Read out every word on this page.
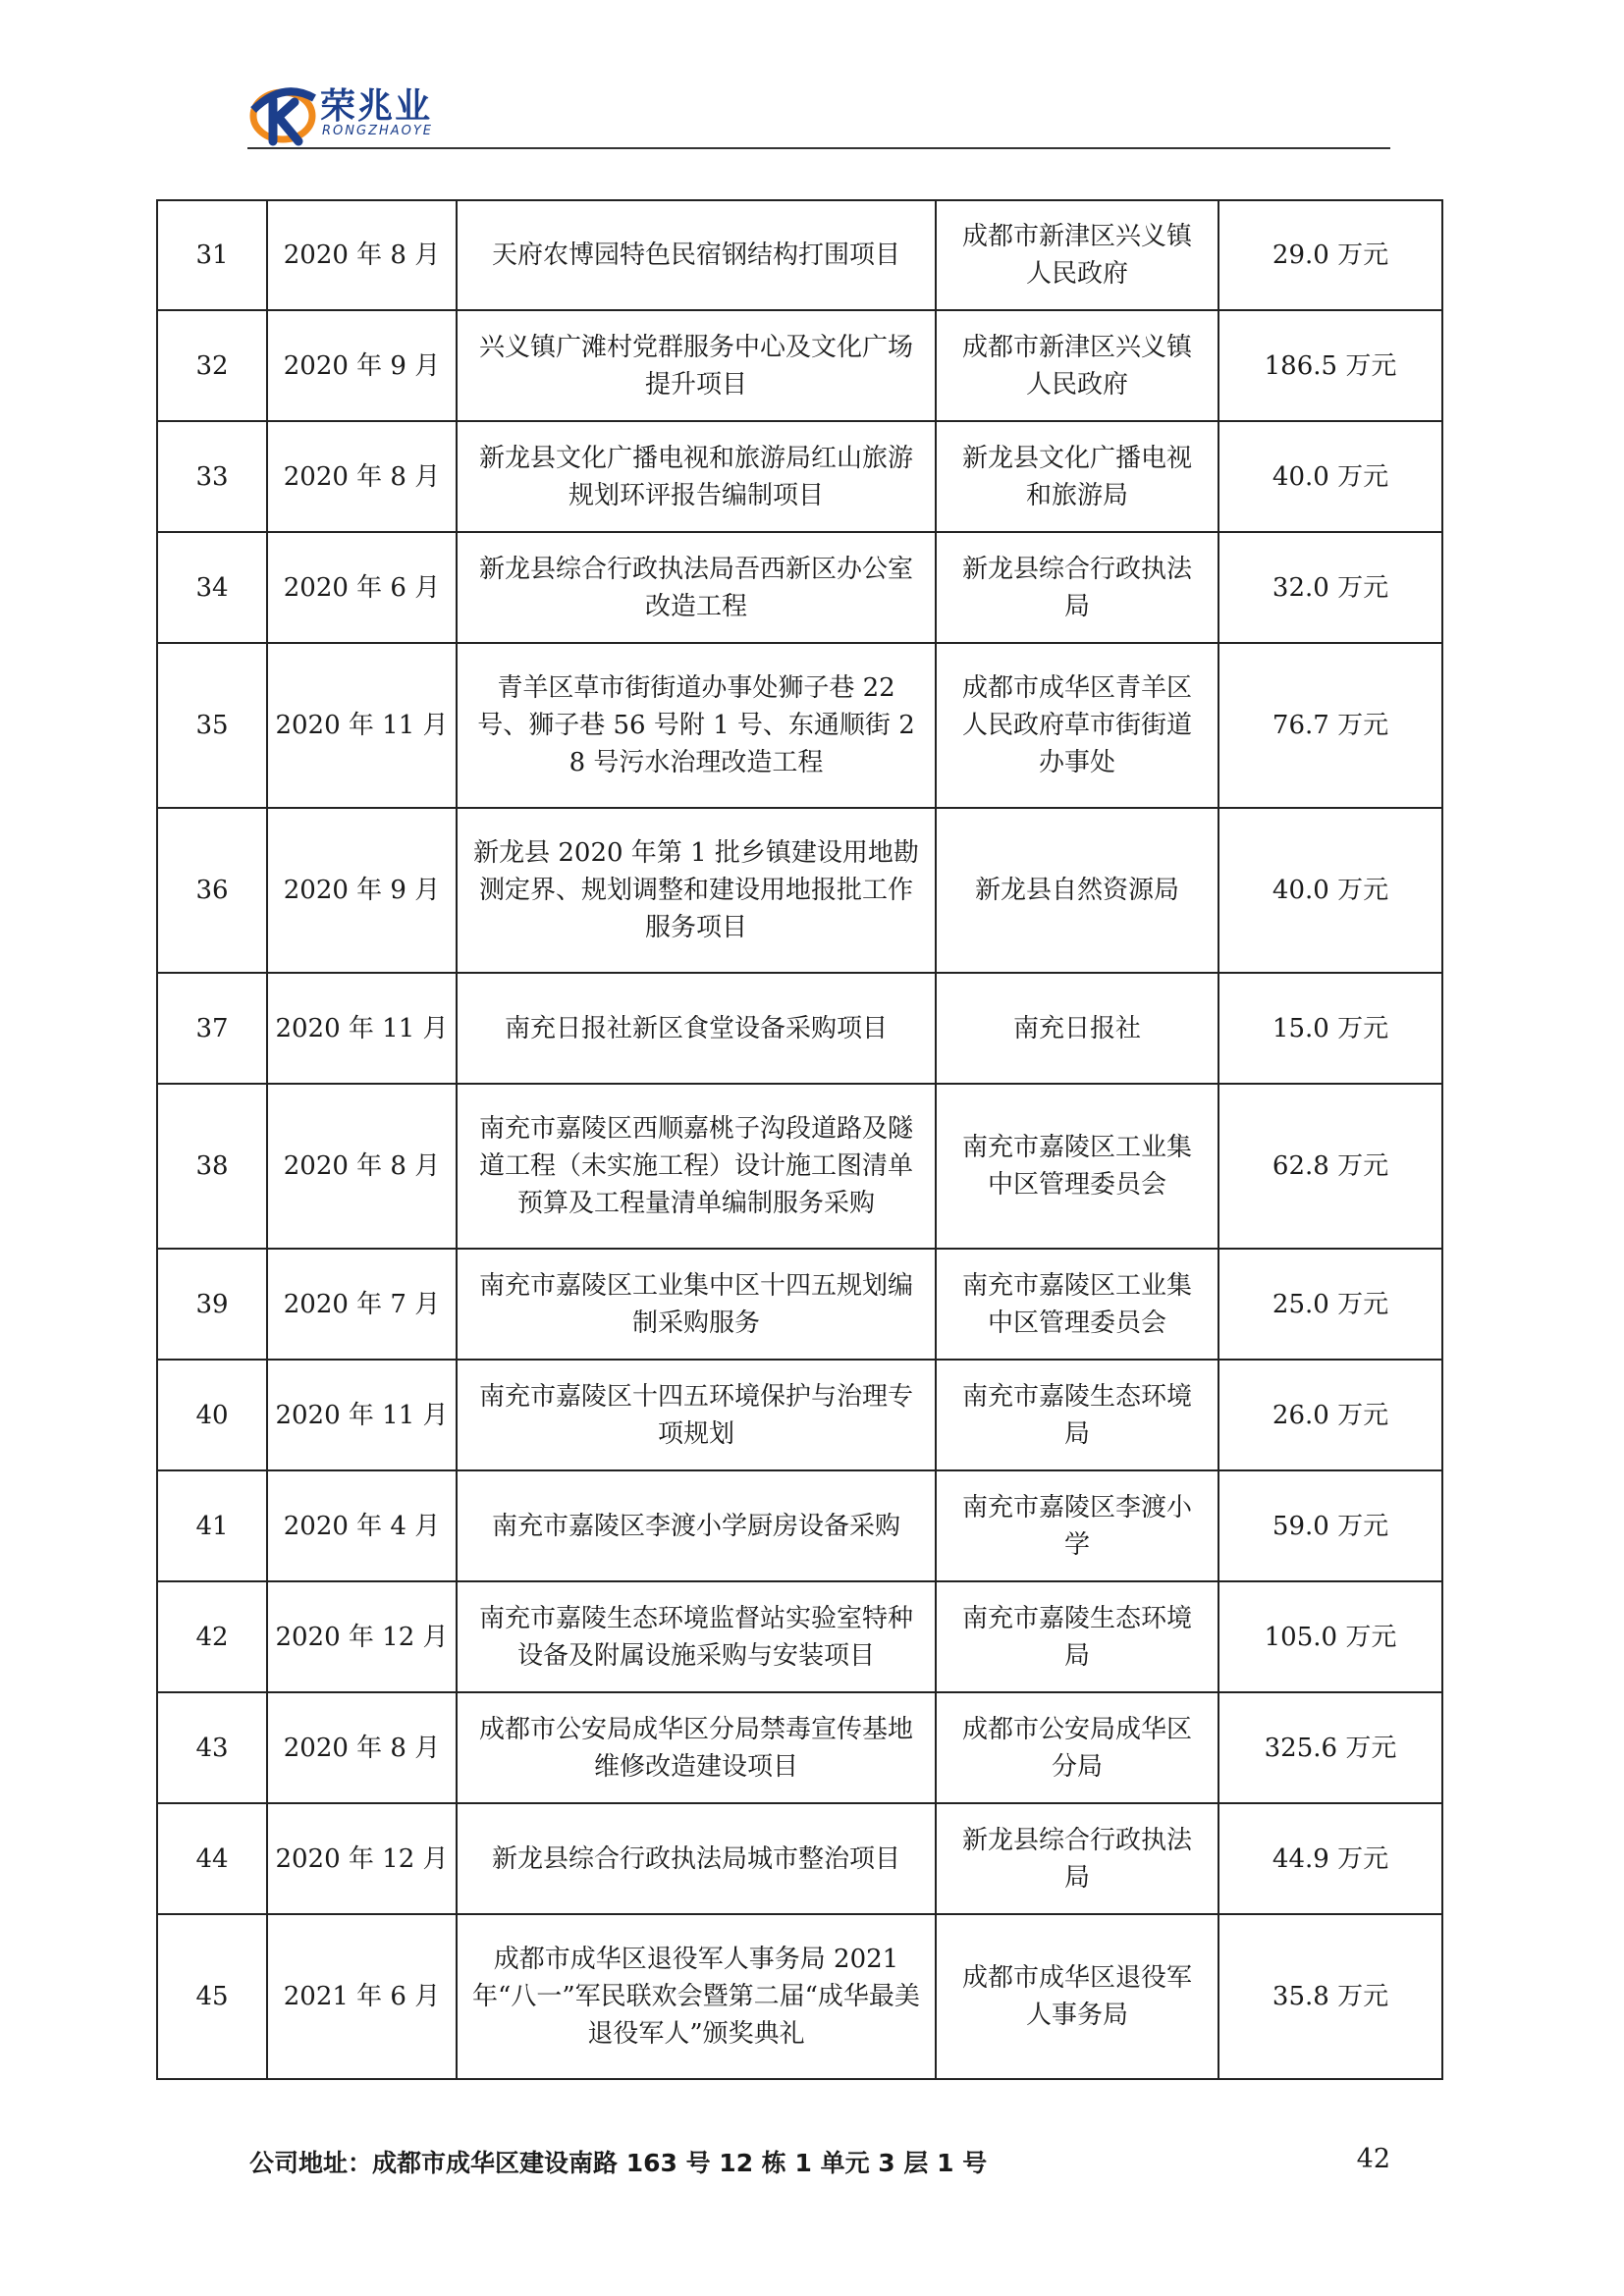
荣兆业
RONGZHAOYE
31	2020 年 8 月	天府农博园特色民宿钢结构打围项目	成都市新津区兴义镇人民政府	29.0 万元
32	2020 年 9 月	兴义镇广滩村党群服务中心及文化广场提升项目	成都市新津区兴义镇人民政府	186.5 万元
33	2020 年 8 月	新龙县文化广播电视和旅游局红山旅游规划环评报告编制项目	新龙县文化广播电视和旅游局	40.0 万元
34	2020 年 6 月	新龙县综合行政执法局吾西新区办公室改造工程	新龙县综合行政执法局	32.0 万元
35	2020 年 11 月	青羊区草市街街道办事处狮子巷 22 号、狮子巷 56 号附 1 号、东通顺街 28 号污水治理改造工程	成都市成华区青羊区人民政府草市街街道办事处	76.7 万元
36	2020 年 9 月	新龙县 2020 年第 1 批乡镇建设用地勘测定界、规划调整和建设用地报批工作服务项目	新龙县自然资源局	40.0 万元
37	2020 年 11 月	南充日报社新区食堂设备采购项目	南充日报社	15.0 万元
38	2020 年 8 月	南充市嘉陵区西顺嘉桃子沟段道路及隧道工程（未实施工程）设计施工图清单预算及工程量清单编制服务采购	南充市嘉陵区工业集中区管理委员会	62.8 万元
39	2020 年 7 月	南充市嘉陵区工业集中区十四五规划编制采购服务	南充市嘉陵区工业集中区管理委员会	25.0 万元
40	2020 年 11 月	南充市嘉陵区十四五环境保护与治理专项规划	南充市嘉陵生态环境局	26.0 万元
41	2020 年 4 月	南充市嘉陵区李渡小学厨房设备采购	南充市嘉陵区李渡小学	59.0 万元
42	2020 年 12 月	南充市嘉陵生态环境监督站实验室特种设备及附属设施采购与安装项目	南充市嘉陵生态环境局	105.0 万元
43	2020 年 8 月	成都市公安局成华区分局禁毒宣传基地维修改造建设项目	成都市公安局成华区分局	325.6 万元
44	2020 年 12 月	新龙县综合行政执法局城市整治项目	新龙县综合行政执法局	44.9 万元
45	2021 年 6 月	成都市成华区退役军人事务局 2021 年“八一”军民联欢会暨第二届“成华最美退役军人”颁奖典礼	成都市成华区退役军人事务局	35.8 万元
公司地址：成都市成华区建设南路 163 号 12 栋 1 单元 3 层 1 号	42
